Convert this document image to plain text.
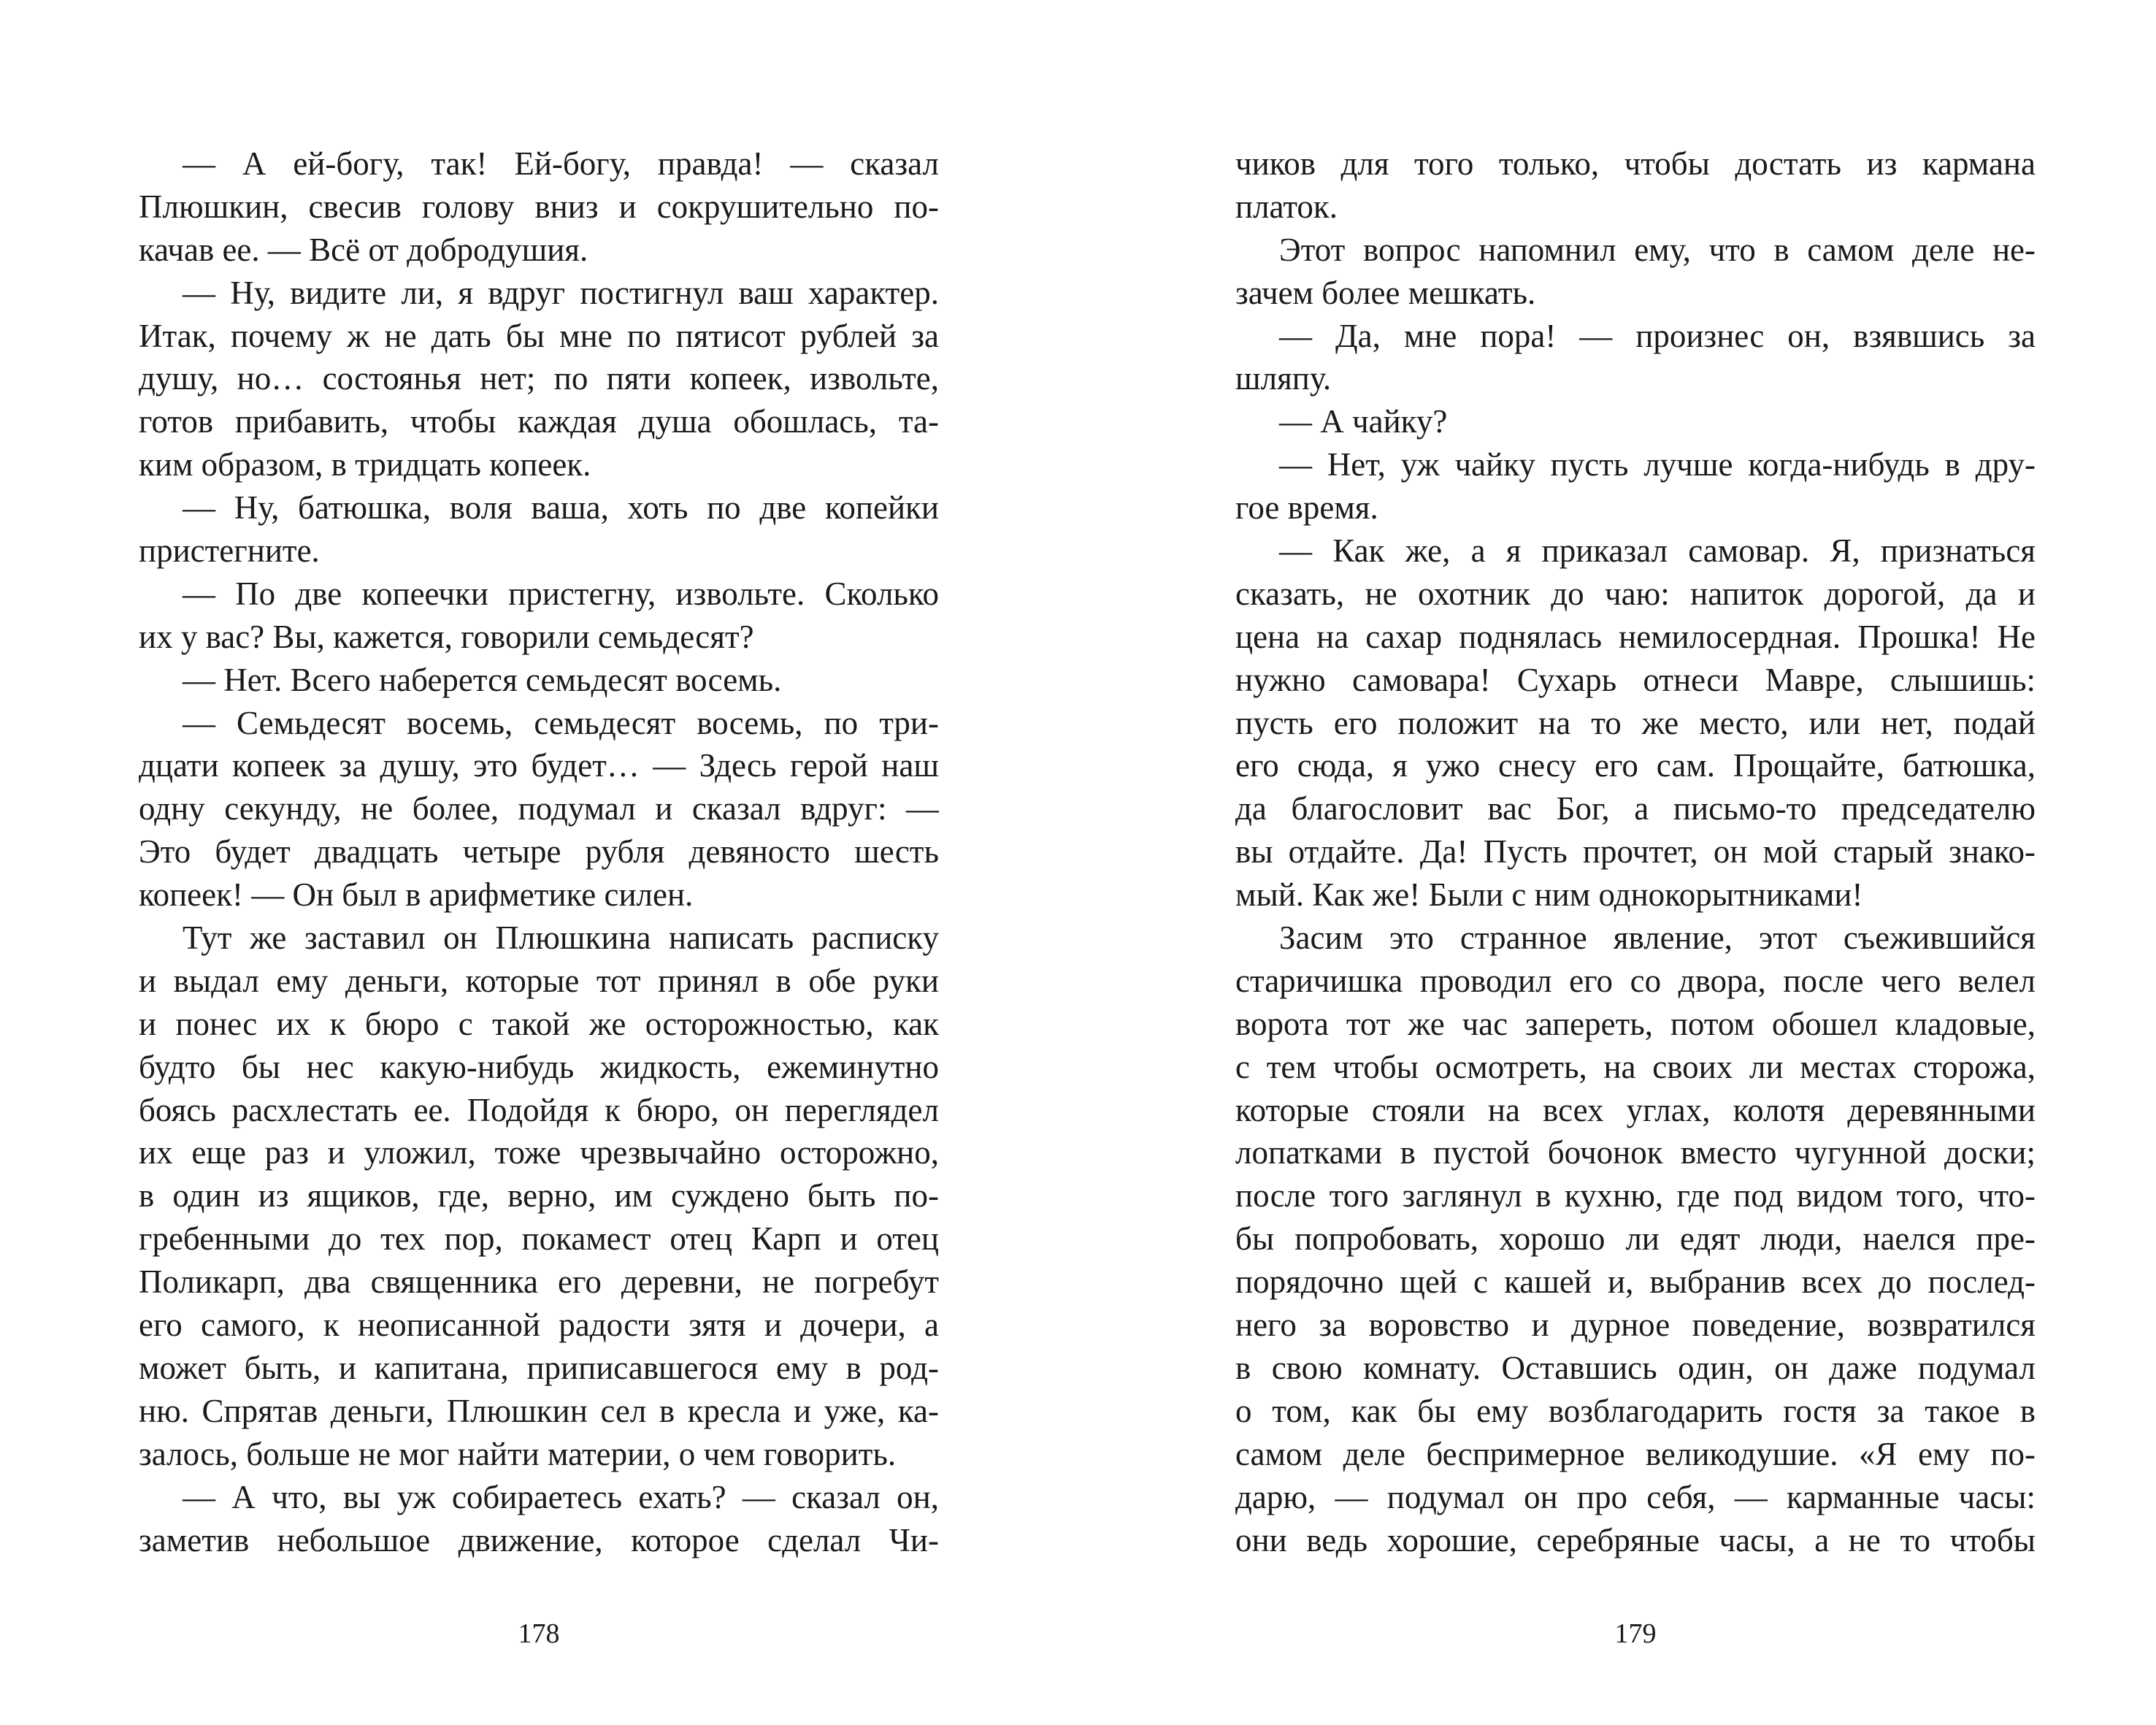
— А ей-богу, так! Ей-богу, правда! — сказал
Плюшкин, свесив голову вниз и сокрушительно по-
качав ее. — Всё от добродушия.
— Ну, видите ли, я вдруг постигнул ваш характер.
Итак, почему ж не дать бы мне по пятисот рублей за
душу, но… состоянья нет; по пяти копеек, извольте,
готов прибавить, чтобы каждая душа обошлась, та-
ким образом, в тридцать копеек.
— Ну, батюшка, воля ваша, хоть по две копейки
пристегните.
— По две копеечки пристегну, извольте. Сколько
их у вас? Вы, кажется, говорили семьдесят?
— Нет. Всего наберется семьдесят восемь.
— Семьдесят восемь, семьдесят восемь, по три-
дцати копеек за душу, это будет… — Здесь герой наш
одну секунду, не более, подумал и сказал вдруг: —
Это будет двадцать четыре рубля девяносто шесть
копеек! — Он был в арифметике силен.
Тут же заставил он Плюшкина написать расписку
и выдал ему деньги, которые тот принял в обе руки
и понес их к бюро с такой же осторожностью, как
будто бы нес какую-нибудь жидкость, ежеминутно
боясь расхлестать ее. Подойдя к бюро, он переглядел
их еще раз и уложил, тоже чрезвычайно осторожно,
в один из ящиков, где, верно, им суждено быть по-
гребенными до тех пор, покамест отец Карп и отец
Поликарп, два священника его деревни, не погребут
его самого, к неописанной радости зятя и дочери, а
может быть, и капитана, приписавшегося ему в род-
ню. Спрятав деньги, Плюшкин сел в кресла и уже, ка-
залось, больше не мог найти материи, о чем говорить.
— А что, вы уж собираетесь ехать? — сказал он,
заметив небольшое движение, которое сделал Чи-
178
чиков для того только, чтобы достать из кармана
платок.
Этот вопрос напомнил ему, что в самом деле не-
зачем более мешкать.
— Да, мне пора! — произнес он, взявшись за
шляпу.
— А чайку?
— Нет, уж чайку пусть лучше когда-нибудь в дру-
гое время.
— Как же, а я приказал самовар. Я, признаться
сказать, не охотник до чаю: напиток дорогой, да и
цена на сахар поднялась немилосердная. Прошка! Не
нужно самовара! Сухарь отнеси Мавре, слышишь:
пусть его положит на то же место, или нет, подай
его сюда, я ужо снесу его сам. Прощайте, батюшка,
да благословит вас Бог, а письмо-то председателю
вы отдайте. Да! Пусть прочтет, он мой старый знако-
мый. Как же! Были с ним однокорытниками!
Засим это странное явление, этот съежившийся
старичишка проводил его со двора, после чего велел
ворота тот же час запереть, потом обошел кладовые,
с тем чтобы осмотреть, на своих ли местах сторожа,
которые стояли на всех углах, колотя деревянными
лопатками в пустой бочонок вместо чугунной доски;
после того заглянул в кухню, где под видом того, что-
бы попробовать, хорошо ли едят люди, наелся пре-
порядочно щей с кашей и, выбранив всех до послед-
него за воровство и дурное поведение, возвратился
в свою комнату. Оставшись один, он даже подумал
о том, как бы ему возблагодарить гостя за такое в
самом деле беспримерное великодушие. «Я ему по-
дарю, — подумал он про себя, — карманные часы:
они ведь хорошие, серебряные часы, а не то чтобы
179
